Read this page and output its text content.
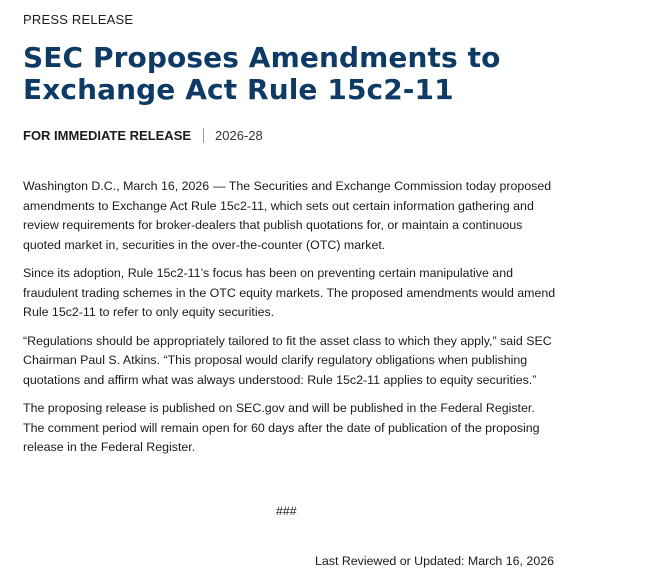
PRESS RELEASE
SEC Proposes Amendments to Exchange Act Rule 15c2-11
FOR IMMEDIATE RELEASE 2026-28

Washington D.C., March 16, 2026 — The Securities and Exchange Commission today proposed amendments to Exchange Act Rule 15c2-11, which sets out certain information gathering and review requirements for broker-dealers that publish quotations for, or maintain a continuous quoted market in, securities in the over-the-counter (OTC) market.

Since its adoption, Rule 15c2-11’s focus has been on preventing certain manipulative and fraudulent trading schemes in the OTC equity markets. The proposed amendments would amend Rule 15c2-11 to refer to only equity securities.

“Regulations should be appropriately tailored to fit the asset class to which they apply,” said SEC Chairman Paul S. Atkins. “This proposal would clarify regulatory obligations when publishing quotations and affirm what was always understood: Rule 15c2-11 applies to equity securities.”

The proposing release is published on SEC.gov and will be published in the Federal Register. The comment period will remain open for 60 days after the date of publication of the proposing release in the Federal Register.

###
Last Reviewed or Updated: March 16, 2026
